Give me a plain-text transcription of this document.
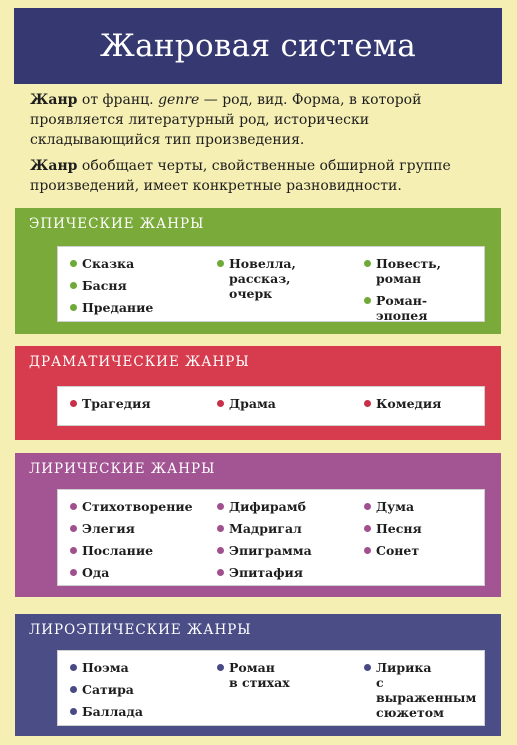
Жанровая система

Жанр от франц. genre — род, вид. Форма, в которой проявляется литературный род, исторически складывающийся тип произведения.

Жанр обобщает черты, свойственные обширной группе произведений, имеет конкретные разновидности.

ЭПИЧЕСКИЕ ЖАНРЫ
Сказка
Басня
Предание
Новелла,
рассказ,
очерк
Повесть,
роман
Роман-эпопея
ДРАМАТИЧЕСКИЕ ЖАНРЫ
Трагедия	Драма	Комедия
ЛИРИЧЕСКИЕ ЖАНРЫ
Стихотворение
Элегия
Послание
Ода
Дифирамб
Мадригал
Эпиграмма
Эпитафия
Дума
Песня
Сонет
ЛИРОЭПИЧЕСКИЕ ЖАНРЫ
Поэма
Сатира
Баллада
Роман
в стихах
Лирика
с выраженным
сюжетом
